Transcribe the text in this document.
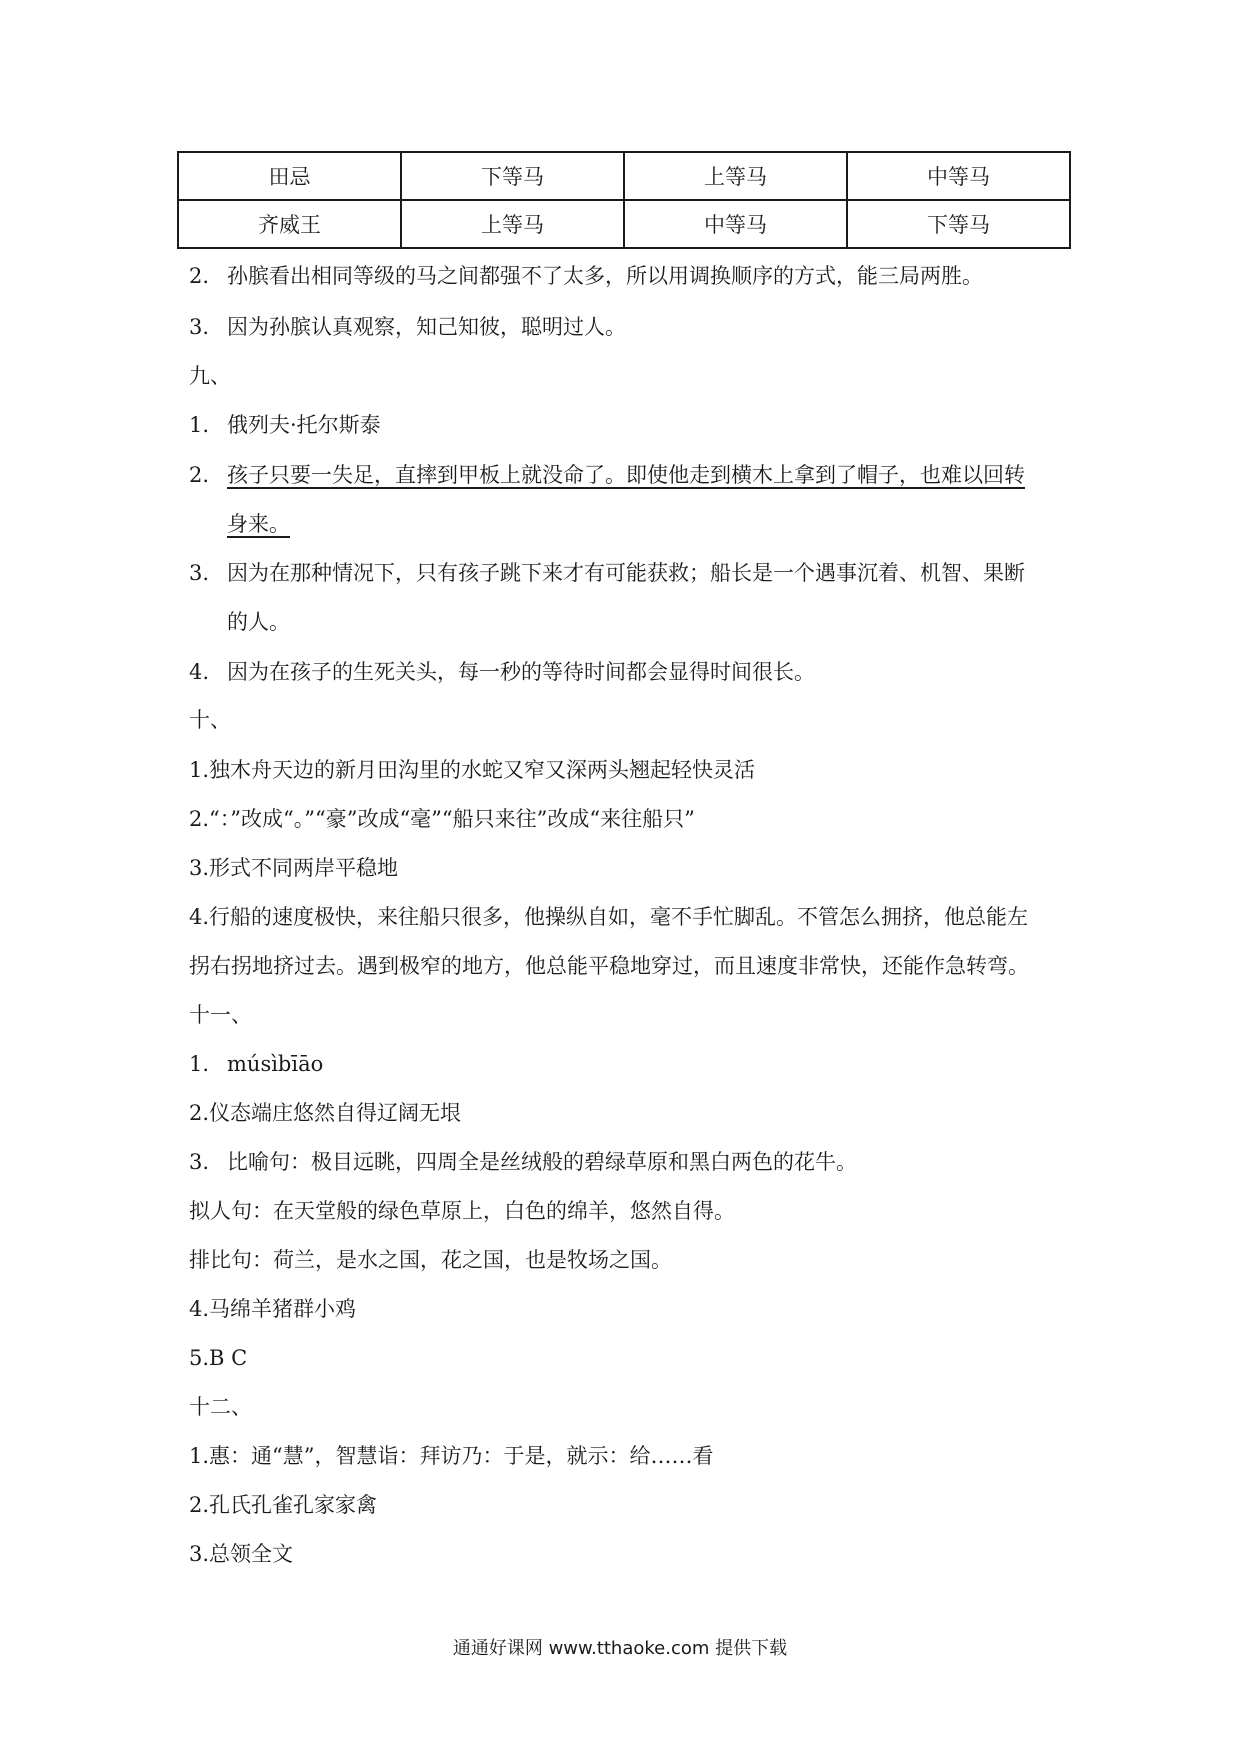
田忌	下等马	上等马	中等马
齐威王	上等马	中等马	下等马

2. 孙膑看出相同等级的马之间都强不了太多，所以用调换顺序的方式，能三局两胜。

3. 因为孙膑认真观察，知己知彼，聪明过人。

九、

1. 俄列夫·托尔斯泰

2. 孩子只要一失足，直摔到甲板上就没命了。即使他走到横木上拿到了帽子，也难以回转

身来。

3. 因为在那种情况下，只有孩子跳下来才有可能获救；船长是一个遇事沉着、机智、果断

的人。

4. 因为在孩子的生死关头，每一秒的等待时间都会显得时间很长。

十、

1.独木舟天边的新月田沟里的水蛇又窄又深两头翘起轻快灵活

2.“：”改成“。”“豪”改成“毫”“船只来往”改成“来往船只”

3.形式不同两岸平稳地

4.行船的速度极快，来往船只很多，他操纵自如，毫不手忙脚乱。不管怎么拥挤，他总能左

拐右拐地挤过去。遇到极窄的地方，他总能平稳地穿过，而且速度非常快，还能作急转弯。

十一、

1. músìbīāo

2.仪态端庄悠然自得辽阔无垠

3. 比喻句：极目远眺，四周全是丝绒般的碧绿草原和黑白两色的花牛。

拟人句：在天堂般的绿色草原上，白色的绵羊，悠然自得。

排比句：荷兰，是水之国，花之国，也是牧场之国。

4.马绵羊猪群小鸡

5.B C

十二、

1.惠：通“慧”，智慧诣：拜访乃：于是，就示：给……看

2.孔氏孔雀孔家家禽

3.总领全文

通通好课网 www.tthaoke.com 提供下载
